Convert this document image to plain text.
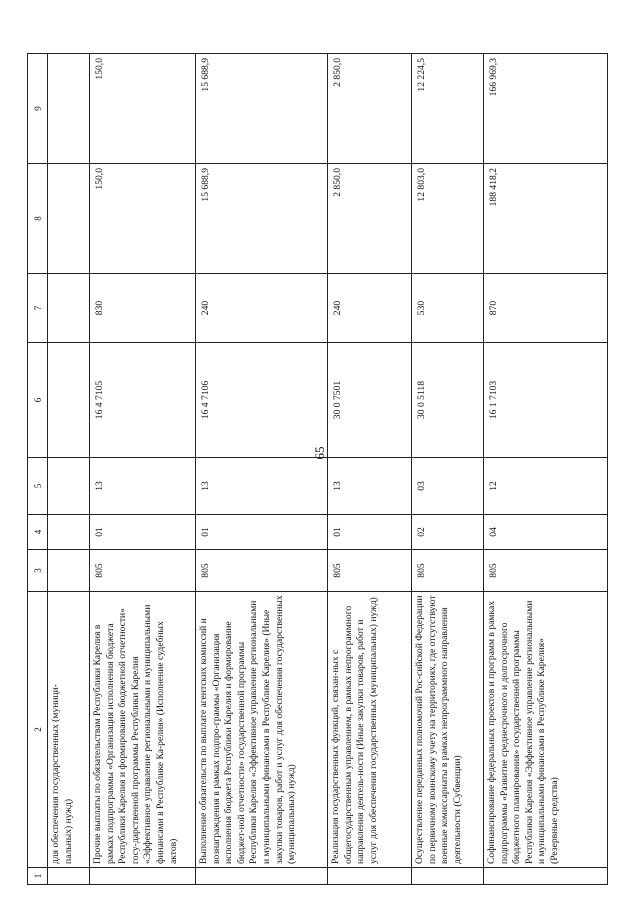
65
1
2
3
4
5
6
7
8
9
для обеспечения государственных (муници-
пальных) нужд)	Прочие выплаты по обязательствам Республики Карелия в рамках подпрограммы «Организация исполнения бюджета Республики Карелия и формирование бюджетной отчетности» госу-дарственной программы Республики Карелия «Эффективное управление региональными и муниципальными финансами в Республике Ка-релия» (Исполнение судебных актов)
805
01
13
16 4 7105
830
150,0
150,0
Выполнение обязательств по выплате агентских комиссий и вознаграждения в рамках подпро-граммы «Организация исполнения бюджета Республики Карелия и формирование бюджет-ной отчетности» государственной программы Республики Карелия «Эффективное управление региональными и муниципальными финансами в Республике Карелия» (Иные закупки товаров, работ и услуг для обеспечения государственных (муниципальных) нужд)
805
01
13
16 4 7106
240
15 688,9
15 688,9
Реализация государственных функций, связан-ных с общегосударственным управлением, в рамках непрограммного направления деятель-ности (Иные закупки товаров, работ и услуг для обеспечения государственных (муниципальных) нужд)
805
01
13
30 0 7501
240
2 850,0
2 850,0
Осуществление переданных полномочий Рос-сийской Федерации по первичному воинскому учету на территориях, где отсутствуют военные комиссариаты в рамках непрограммного направления деятельности (Субвенции)
805
02
03
30 0 5118
530
12 803,0
12 224,5
Софинансирование федеральных проектов и программ в рамках подпрограммы «Развитие среднесрочного и долгосрочного бюджетного планирования» государственной программы Республики Карелия «Эффективное управление региональными и муниципальными финансами в Республике Карелия» (Резервные средства)
805
04
12
16 1 7103
870
188 418,2
166 969,3
